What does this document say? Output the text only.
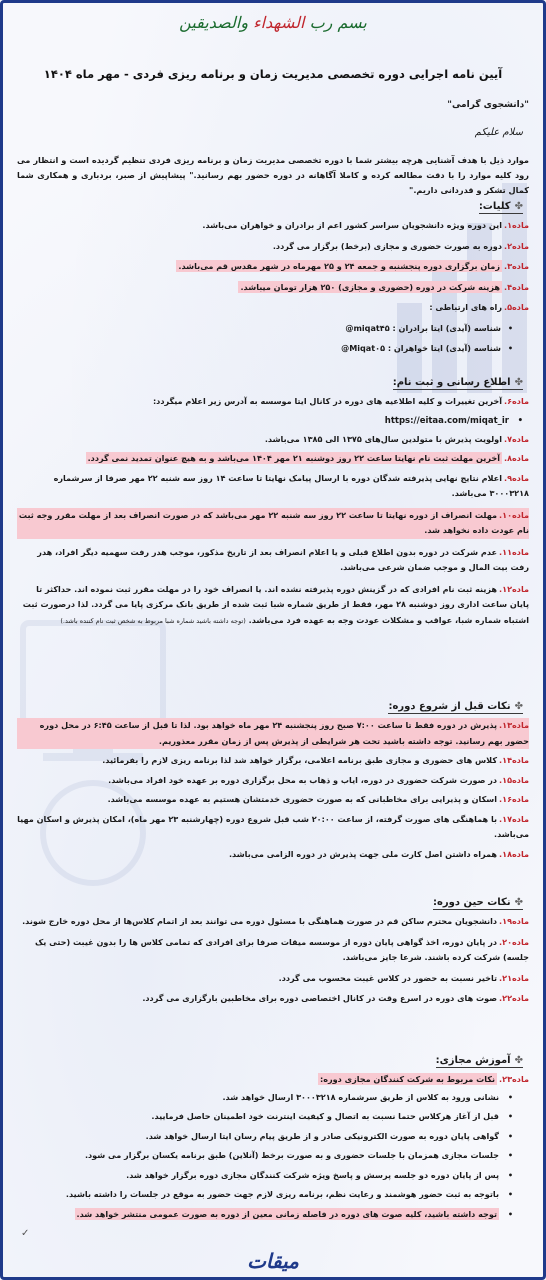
بسم رب الشهداء والصدیقین
آیین نامه اجرایی دوره تخصصی مدیریت زمان و برنامه ریزی فردی - مهر ماه ۱۴۰۴
"دانشجوی گرامی"
سلام علیکم
موارد ذیل با هدف آشنایی هرچه بیشتر شما با دوره تخصصی مدیریت زمان و برنامه ریزی فردی تنظیم گردیده است و انتظار می رود کلیه موارد را با دقت مطالعه کرده و کاملا آگاهانه در دوره حضور بهم رسانید." پیشاپیش از صبر، بردباری و همکاری شما کمال تشکر و قدردانی داریم."
✤
کلیات:
ماده۱.این دوره ویژه دانشجویان سراسر کشور اعم از برادران و خواهران می‌باشد.
ماده۲.دوره به صورت حضوری و مجازی (برخط) برگزار می گردد.
ماده۳.زمان برگزاری دوره پنجشنبه و جمعه ۲۴ و ۲۵ مهرماه در شهر مقدس قم می‌باشد.
ماده۴.هزینه شرکت در دوره (حضوری و مجازی) ۲۵۰ هزار تومان میباشد.
ماده۵.راه های ارتباطی :
• شناسه (آیدی) ایتا برادران : miqat۴۵@
• شناسه (آیدی) ایتا خواهران : Miqat۰۵@
✤
اطلاع رسانی و ثبت نام:
ماده۶.آخرین تغییرات و کلیه اطلاعیه های دوره در کانال ایتا موسسه به آدرس زیر اعلام میگردد:
https://eitaa.com/miqat_ir •
ماده۷.اولویت پذیرش با متولدین سال‌های ۱۳۷۵ الی ۱۳۸۵ می‌باشد.
ماده۸.آخرین مهلت ثبت نام نهایتا ساعت ۲۲ روز دوشنبه ۲۱ مهر ۱۴۰۴ می‌باشد و به هیچ عنوان تمدید نمی گردد.
ماده۹.اعلام نتایج نهایی پذیرفته شدگان دوره با ارسال پیامک نهایتا تا ساعت ۱۴ روز سه شنبه ۲۲ مهر صرفا از سرشماره ۳۰۰۰۳۲۱۸ می‌باشد.
ماده۱۰.مهلت انصراف از دوره نهایتا تا ساعت ۲۲ روز سه شنبه ۲۲ مهر می‌باشد که در صورت انصراف بعد از مهلت مقرر وجه ثبت نام عودت داده نخواهد شد.
ماده۱۱.عدم شرکت در دوره بدون اطلاع قبلی و یا اعلام انصراف بعد از تاریخ مذکور، موجب هدر رفت سهمیه دیگر افراد، هدر رفت بیت المال و موجب ضمان شرعی می‌باشد.
ماده۱۲.هزینه ثبت نام افرادی که در گزینش دوره پذیرفته نشده اند. یا انصراف خود را در مهلت مقرر ثبت نموده اند. حداکثر تا پایان ساعت اداری روز دوشنبه ۲۸ مهر، فقط از طریق شماره شبا ثبت شده از طریق بانک مرکزی پایا می گردد. لذا درصورت ثبت اشتباه شماره شبا، عواقب و مشکلات عودت وجه به عهده فرد می‌باشد. (توجه داشته باشید شماره شبا مربوط به شخص ثبت نام کننده باشد.)
✤
نکات قبل از شروع دوره:
ماده۱۳.پذیرش در دوره فقط تا ساعت ۷:۰۰ صبح روز پنجشنبه ۲۴ مهر ماه خواهد بود. لذا تا قبل از ساعت ۶:۴۵ در محل دوره حضور بهم رسانید. توجه داشته باشید تحت هر شرایطی از پذیرش پس از زمان مقرر معذوریم.
ماده۱۴.کلاس های حضوری و مجازی طبق برنامه اعلامی، برگزار خواهد شد لذا برنامه ریزی لازم را بفرمائید.
ماده۱۵.در صورت شرکت حضوری در دوره، ایاب و ذهاب به محل برگزاری دوره بر عهده خود افراد می‌باشد.
ماده۱۶.اسکان و پذیرایی برای مخاطبانی که به صورت حضوری خدمتشان هستیم به عهده موسسه می‌باشد.
ماده۱۷.با هماهنگی های صورت گرفته، از ساعت ۲۰:۰۰ شب قبل شروع دوره (چهارشنبه ۲۳ مهر ماه)، امکان پذیرش و اسکان مهیا می‌باشد.
ماده۱۸.همراه داشتن اصل کارت ملی جهت پذیرش در دوره الزامی می‌باشد.
✤
نکات حین دوره:
ماده۱۹.دانشجویان محترم ساکن قم در صورت هماهنگی با مسئول دوره می توانند بعد از اتمام کلاس‌ها از محل دوره خارج شوند.
ماده۲۰.در پایان دوره، اخذ گواهی پایان دوره از موسسه میقات صرفا برای افرادی که تمامی کلاس ها را بدون غیبت (حتی یک جلسه) شرکت کرده باشند. شرعا جایز می‌باشد.
ماده۲۱.تاخیر نسبت به حضور در کلاس غیبت محسوب می گردد.
ماده۲۲.صوت های دوره در اسرع وقت در کانال اختصاصی دوره برای مخاطبین بارگزاری می گردد.
✤
آموزش مجازی:
ماده۲۳.نکات مربوط به شرکت کنندگان مجازی دوره:
• نشانی ورود به کلاس از طریق سرشماره ۳۰۰۰۳۲۱۸ ارسال خواهد شد.
• قبل از آغاز هرکلاس حتما نسبت به اتصال و کیفیت اینترنت خود اطمینان حاصل فرمایید.
• گواهی پایان دوره به صورت الکترونیکی صادر و از طریق پیام رسان ایتا ارسال خواهد شد.
• جلسات مجازی همزمان با جلسات حضوری و به صورت برخط (آنلاین) طبق برنامه یکسان برگزار می شود.
• پس از پایان دوره دو جلسه پرسش و پاسخ ویژه شرکت کنندگان مجازی دوره برگزار خواهد شد.
• باتوجه به ثبت حضور هوشمند و رعایت نظم، برنامه ریزی لازم جهت حضور به موقع در جلسات را داشته باشید.
• توجه داشته باشید، کلیه صوت های دوره در فاصله زمانی معین از دوره به صورت عمومی منتشر خواهد شد.
✓
میقات
